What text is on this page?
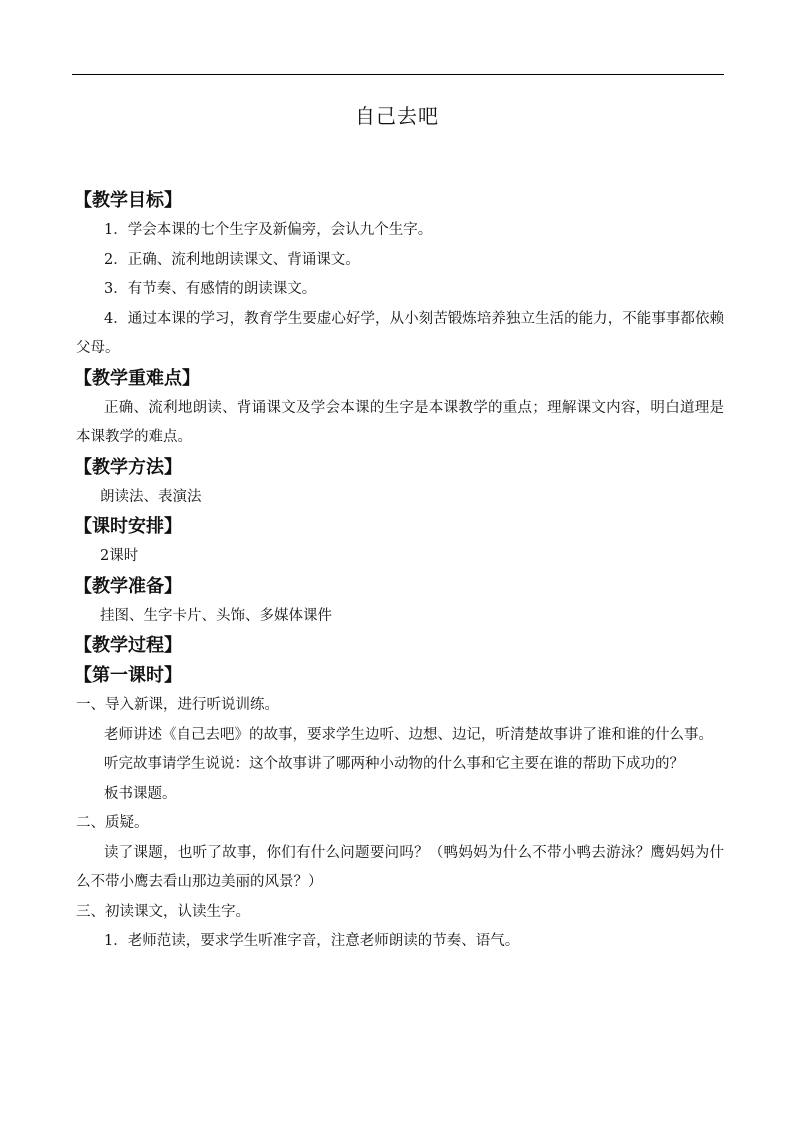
自己去吧
【教学目标】
1．学会本课的七个生字及新偏旁，会认九个生字。
2．正确、流利地朗读课文、背诵课文。
3．有节奏、有感情的朗读课文。
4．通过本课的学习，教育学生要虚心好学，从小刻苦锻炼培养独立生活的能力，不能事事都依赖父母。
【教学重难点】
正确、流利地朗读、背诵课文及学会本课的生字是本课教学的重点；理解课文内容，明白道理是本课教学的难点。
【教学方法】
朗读法、表演法
【课时安排】
2课时
【教学准备】
挂图、生字卡片、头饰、多媒体课件
【教学过程】
【第一课时】
一、导入新课，进行听说训练。
老师讲述《自己去吧》的故事，要求学生边听、边想、边记，听清楚故事讲了谁和谁的什么事。
听完故事请学生说说：这个故事讲了哪两种小动物的什么事和它主要在谁的帮助下成功的？
板书课题。
二、质疑。
读了课题，也听了故事，你们有什么问题要问吗？（鸭妈妈为什么不带小鸭去游泳？鹰妈妈为什么不带小鹰去看山那边美丽的风景？）
三、初读课文，认读生字。
1．老师范读，要求学生听准字音，注意老师朗读的节奏、语气。
